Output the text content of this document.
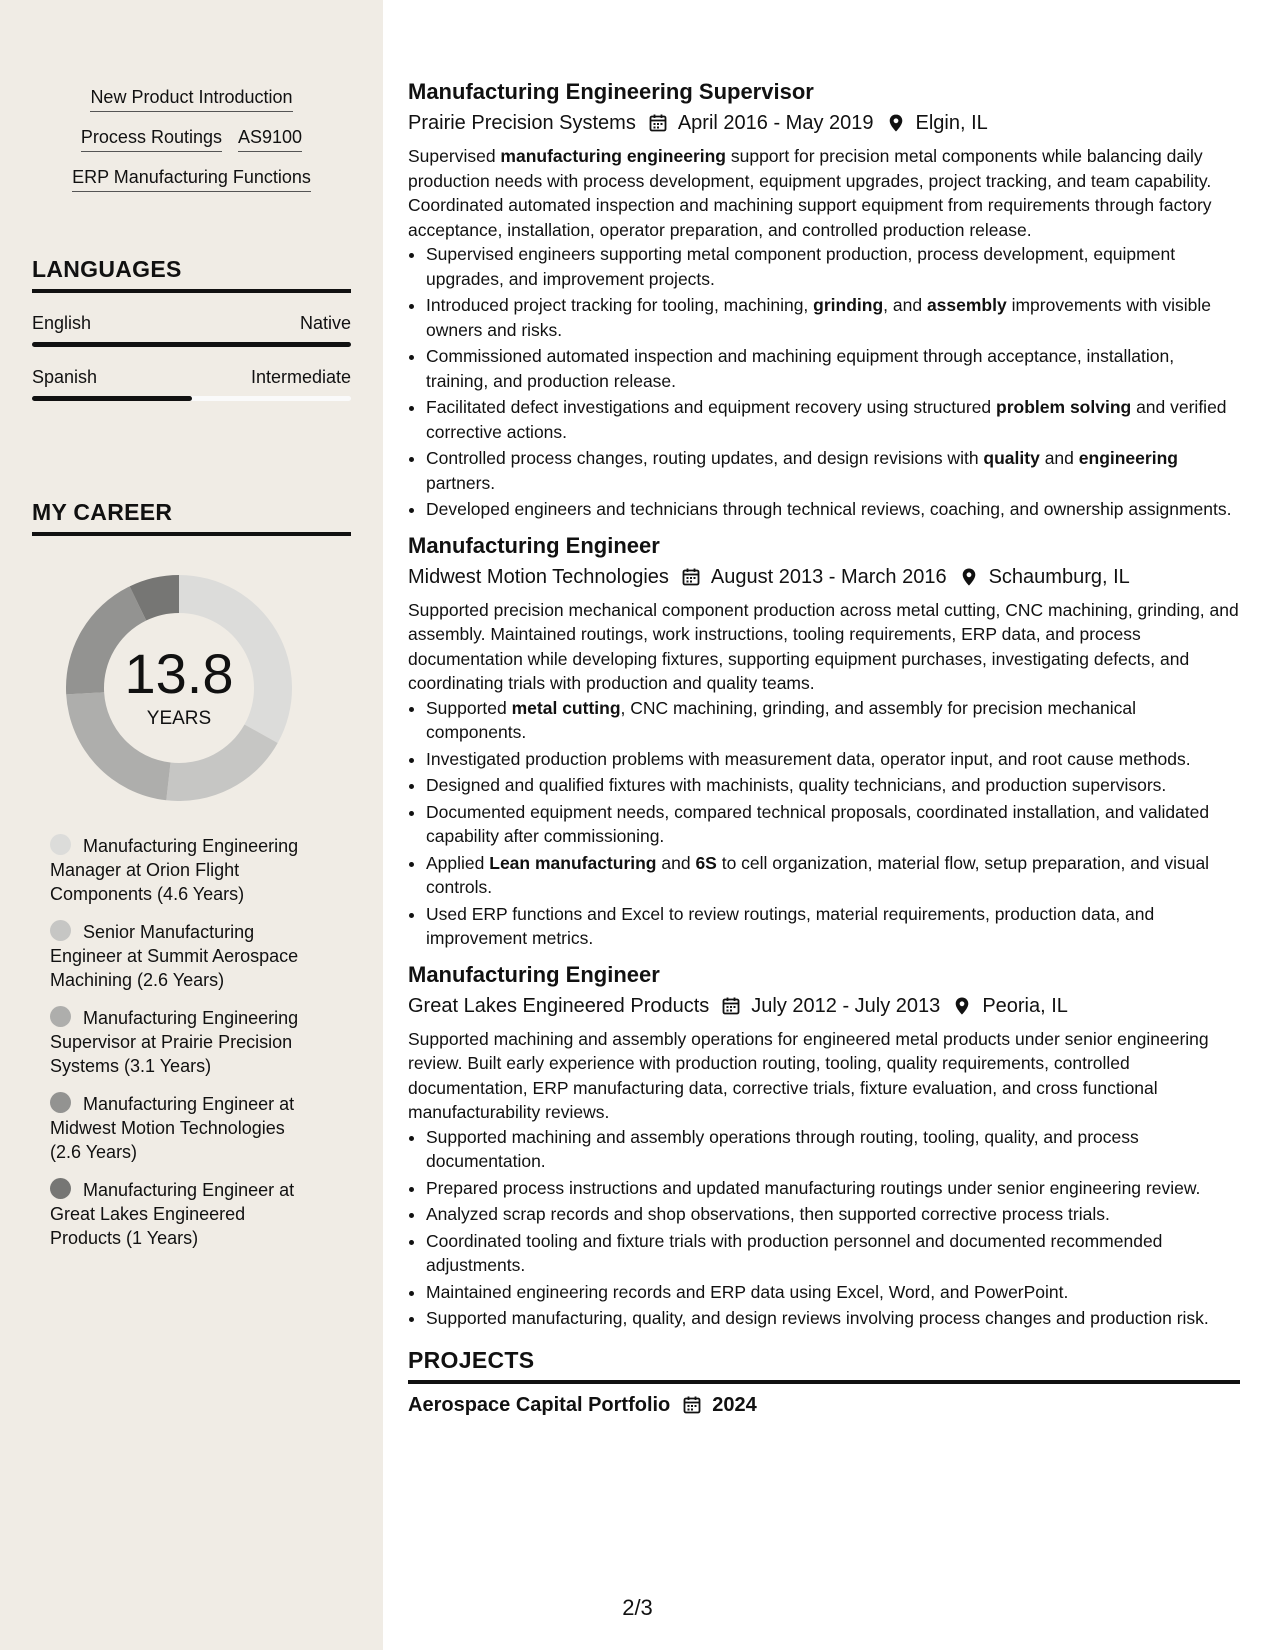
New Product Introduction
Process Routings AS9100
ERP Manufacturing Functions
LANGUAGES
English	Native
Spanish	Intermediate
MY CAREER
13.8
YEARS
Manufacturing Engineering Manager at Orion Flight Components (4.6 Years)
Senior Manufacturing Engineer at Summit Aerospace Machining (2.6 Years)
Manufacturing Engineering Supervisor at Prairie Precision Systems (3.1 Years)
Manufacturing Engineer at Midwest Motion Technologies (2.6 Years)
Manufacturing Engineer at Great Lakes Engineered Products (1 Years)
Manufacturing Engineering Supervisor
Prairie Precision Systems April 2016 - May 2019 Elgin, IL
Supervised manufacturing engineering support for precision metal components while balancing daily production needs with process development, equipment upgrades, project tracking, and team capability. Coordinated automated inspection and machining support equipment from requirements through factory acceptance, installation, operator preparation, and controlled production release.
• Supervised engineers supporting metal component production, process development, equipment upgrades, and improvement projects.
• Introduced project tracking for tooling, machining, grinding, and assembly improvements with visible owners and risks.
• Commissioned automated inspection and machining equipment through acceptance, installation, training, and production release.
• Facilitated defect investigations and equipment recovery using structured problem solving and verified corrective actions.
• Controlled process changes, routing updates, and design revisions with quality and engineering partners.
• Developed engineers and technicians through technical reviews, coaching, and ownership assignments.
Manufacturing Engineer
Midwest Motion Technologies August 2013 - March 2016 Schaumburg, IL
Supported precision mechanical component production across metal cutting, CNC machining, grinding, and assembly. Maintained routings, work instructions, tooling requirements, ERP data, and process documentation while developing fixtures, supporting equipment purchases, investigating defects, and coordinating trials with production and quality teams.
• Supported metal cutting, CNC machining, grinding, and assembly for precision mechanical components.
• Investigated production problems with measurement data, operator input, and root cause methods.
• Designed and qualified fixtures with machinists, quality technicians, and production supervisors.
• Documented equipment needs, compared technical proposals, coordinated installation, and validated capability after commissioning.
• Applied Lean manufacturing and 6S to cell organization, material flow, setup preparation, and visual controls.
• Used ERP functions and Excel to review routings, material requirements, production data, and improvement metrics.
Manufacturing Engineer
Great Lakes Engineered Products July 2012 - July 2013 Peoria, IL
Supported machining and assembly operations for engineered metal products under senior engineering review. Built early experience with production routing, tooling, quality requirements, controlled documentation, ERP manufacturing data, corrective trials, fixture evaluation, and cross functional manufacturability reviews.
• Supported machining and assembly operations through routing, tooling, quality, and process documentation.
• Prepared process instructions and updated manufacturing routings under senior engineering review.
• Analyzed scrap records and shop observations, then supported corrective process trials.
• Coordinated tooling and fixture trials with production personnel and documented recommended adjustments.
• Maintained engineering records and ERP data using Excel, Word, and PowerPoint.
• Supported manufacturing, quality, and design reviews involving process changes and production risk.
PROJECTS
Aerospace Capital Portfolio 2024
2/3
